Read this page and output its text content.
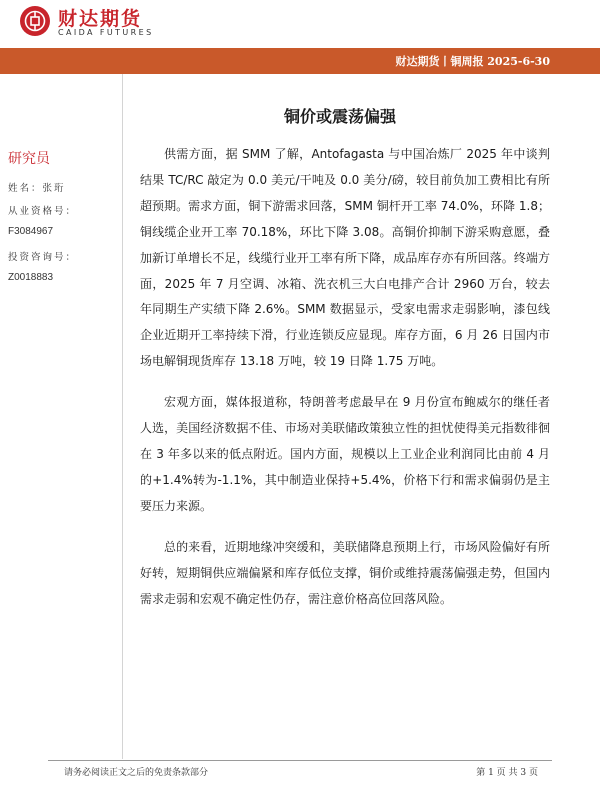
财达期货
CAIDA FUTURES
财达期货丨铜周报 2025-6-30
铜价或震荡偏强
研究员
姓名：张珩
从业资格号：
F3084967
投资咨询号：
Z0018883

供需方面，据 SMM 了解，Antofagasta 与中国冶炼厂 2025 年中谈判结果 TC/RC 敲定为 0.0 美元/干吨及 0.0 美分/磅，较目前负加工费相比有所超预期。需求方面，铜下游需求回落，SMM 铜杆开工率 74.0%，环降 1.8；铜线缆企业开工率 70.18%，环比下降 3.08。高铜价抑制下游采购意愿，叠加新订单增长不足，线缆行业开工率有所下降，成品库存亦有所回落。终端方面，2025 年 7 月空调、冰箱、洗衣机三大白电排产合计 2960 万台，较去年同期生产实绩下降 2.6%。SMM 数据显示，受家电需求走弱影响，漆包线企业近期开工率持续下滑，行业连锁反应显现。库存方面，6 月 26 日国内市场电解铜现货库存 13.18 万吨，较 19 日降 1.75 万吨。

宏观方面，媒体报道称，特朗普考虑最早在 9 月份宣布鲍威尔的继任者人选，美国经济数据不佳、市场对美联储政策独立性的担忧使得美元指数徘徊在 3 年多以来的低点附近。国内方面，规模以上工业企业利润同比由前 4 月的+1.4%转为-1.1%，其中制造业保持+5.4%，价格下行和需求偏弱仍是主要压力来源。

总的来看，近期地缘冲突缓和，美联储降息预期上行，市场风险偏好有所好转，短期铜供应端偏紧和库存低位支撑，铜价或维持震荡偏强走势，但国内需求走弱和宏观不确定性仍存，需注意价格高位回落风险。

请务必阅读正文之后的免责条款部分	第 1 页 共 3 页
